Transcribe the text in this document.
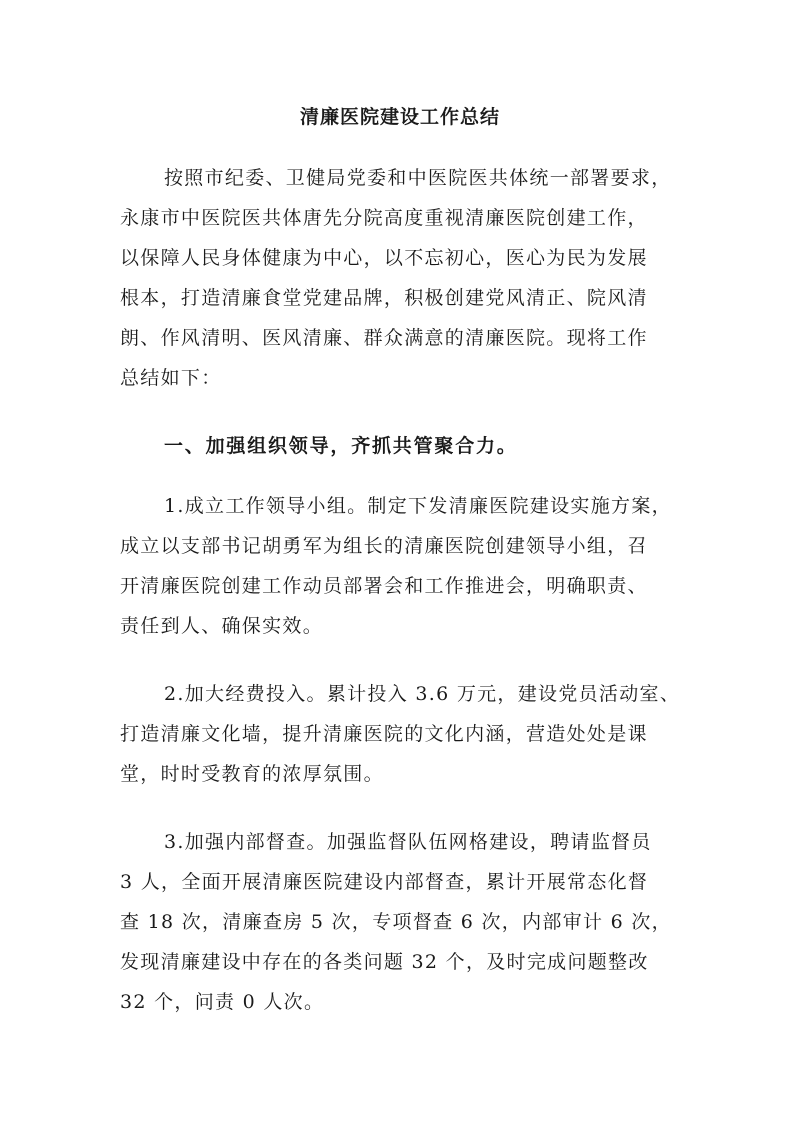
清廉医院建设工作总结
按照市纪委、卫健局党委和中医院医共体统一部署要求，
永康市中医院医共体唐先分院高度重视清廉医院创建工作，
以保障人民身体健康为中心，以不忘初心，医心为民为发展
根本，打造清廉食堂党建品牌，积极创建党风清正、院风清
朗、作风清明、医风清廉、群众满意的清廉医院。现将工作
总结如下：
一、加强组织领导，齐抓共管聚合力。
1.成立工作领导小组。制定下发清廉医院建设实施方案，
成立以支部书记胡勇军为组长的清廉医院创建领导小组，召
开清廉医院创建工作动员部署会和工作推进会，明确职责、
责任到人、确保实效。
2.加大经费投入。累计投入 3.6 万元，建设党员活动室、
打造清廉文化墙，提升清廉医院的文化内涵，营造处处是课
堂，时时受教育的浓厚氛围。
3.加强内部督查。加强监督队伍网格建设，聘请监督员
3 人，全面开展清廉医院建设内部督查，累计开展常态化督
查 18 次，清廉查房 5 次，专项督查 6 次，内部审计 6 次，
发现清廉建设中存在的各类问题 32 个，及时完成问题整改
32 个，问责 0 人次。
